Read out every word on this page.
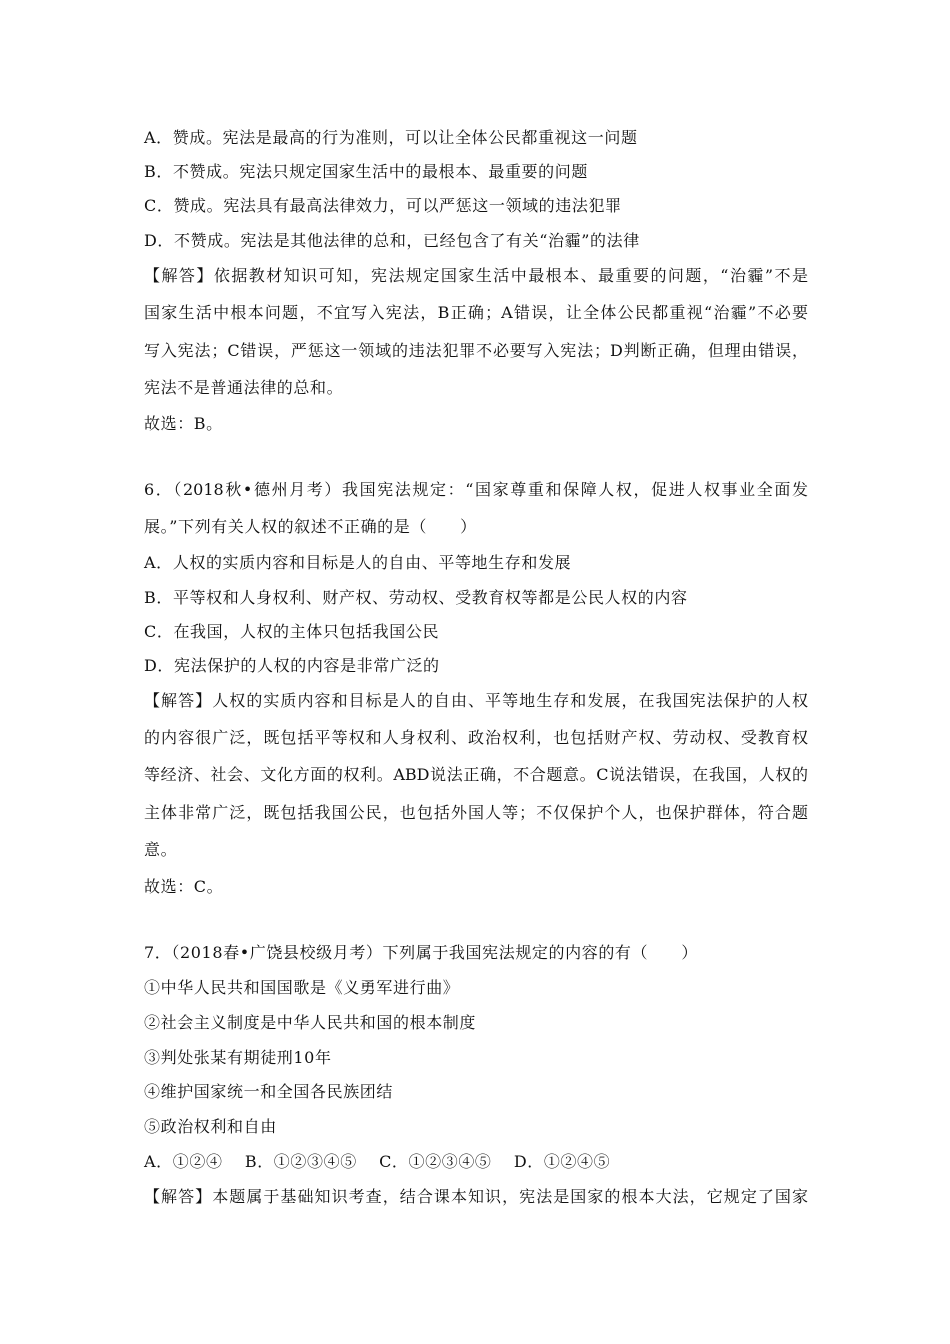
A．赞成。宪法是最高的行为准则，可以让全体公民都重视这一问题
B．不赞成。宪法只规定国家生活中的最根本、最重要的问题
C．赞成。宪法具有最高法律效力，可以严惩这一领域的违法犯罪
D．不赞成。宪法是其他法律的总和，已经包含了有关“治霾”的法律
【解答】依据教材知识可知，宪法规定国家生活中最根本、最重要的问题，“治霾”不是
国家生活中根本问题，不宜写入宪法，B正确；A错误，让全体公民都重视“治霾”不必要
写入宪法；C错误，严惩这一领域的违法犯罪不必要写入宪法；D判断正确，但理由错误，
宪法不是普通法律的总和。
故选：B。
6．（2018秋•德州月考）我国宪法规定：“国家尊重和保障人权，促进人权事业全面发
展。”下列有关人权的叙述不正确的是（　　）
A．人权的实质内容和目标是人的自由、平等地生存和发展
B．平等权和人身权利、财产权、劳动权、受教育权等都是公民人权的内容
C．在我国，人权的主体只包括我国公民
D．宪法保护的人权的内容是非常广泛的
【解答】人权的实质内容和目标是人的自由、平等地生存和发展，在我国宪法保护的人权
的内容很广泛，既包括平等权和人身权利、政治权利，也包括财产权、劳动权、受教育权
等经济、社会、文化方面的权利。ABD说法正确，不合题意。C说法错误，在我国，人权的
主体非常广泛，既包括我国公民，也包括外国人等；不仅保护个人，也保护群体，符合题
意。
故选：C。
7．（2018春•广饶县校级月考）下列属于我国宪法规定的内容的有（　　）
①中华人民共和国国歌是《义勇军进行曲》
②社会主义制度是中华人民共和国的根本制度
③判处张某有期徒刑10年
④维护国家统一和全国各民族团结
⑤政治权利和自由
A．①②④　 B．①②③④⑤　 C．①②③④⑤　 D．①②④⑤
【解答】本题属于基础知识考查，结合课本知识，宪法是国家的根本大法，它规定了国家
